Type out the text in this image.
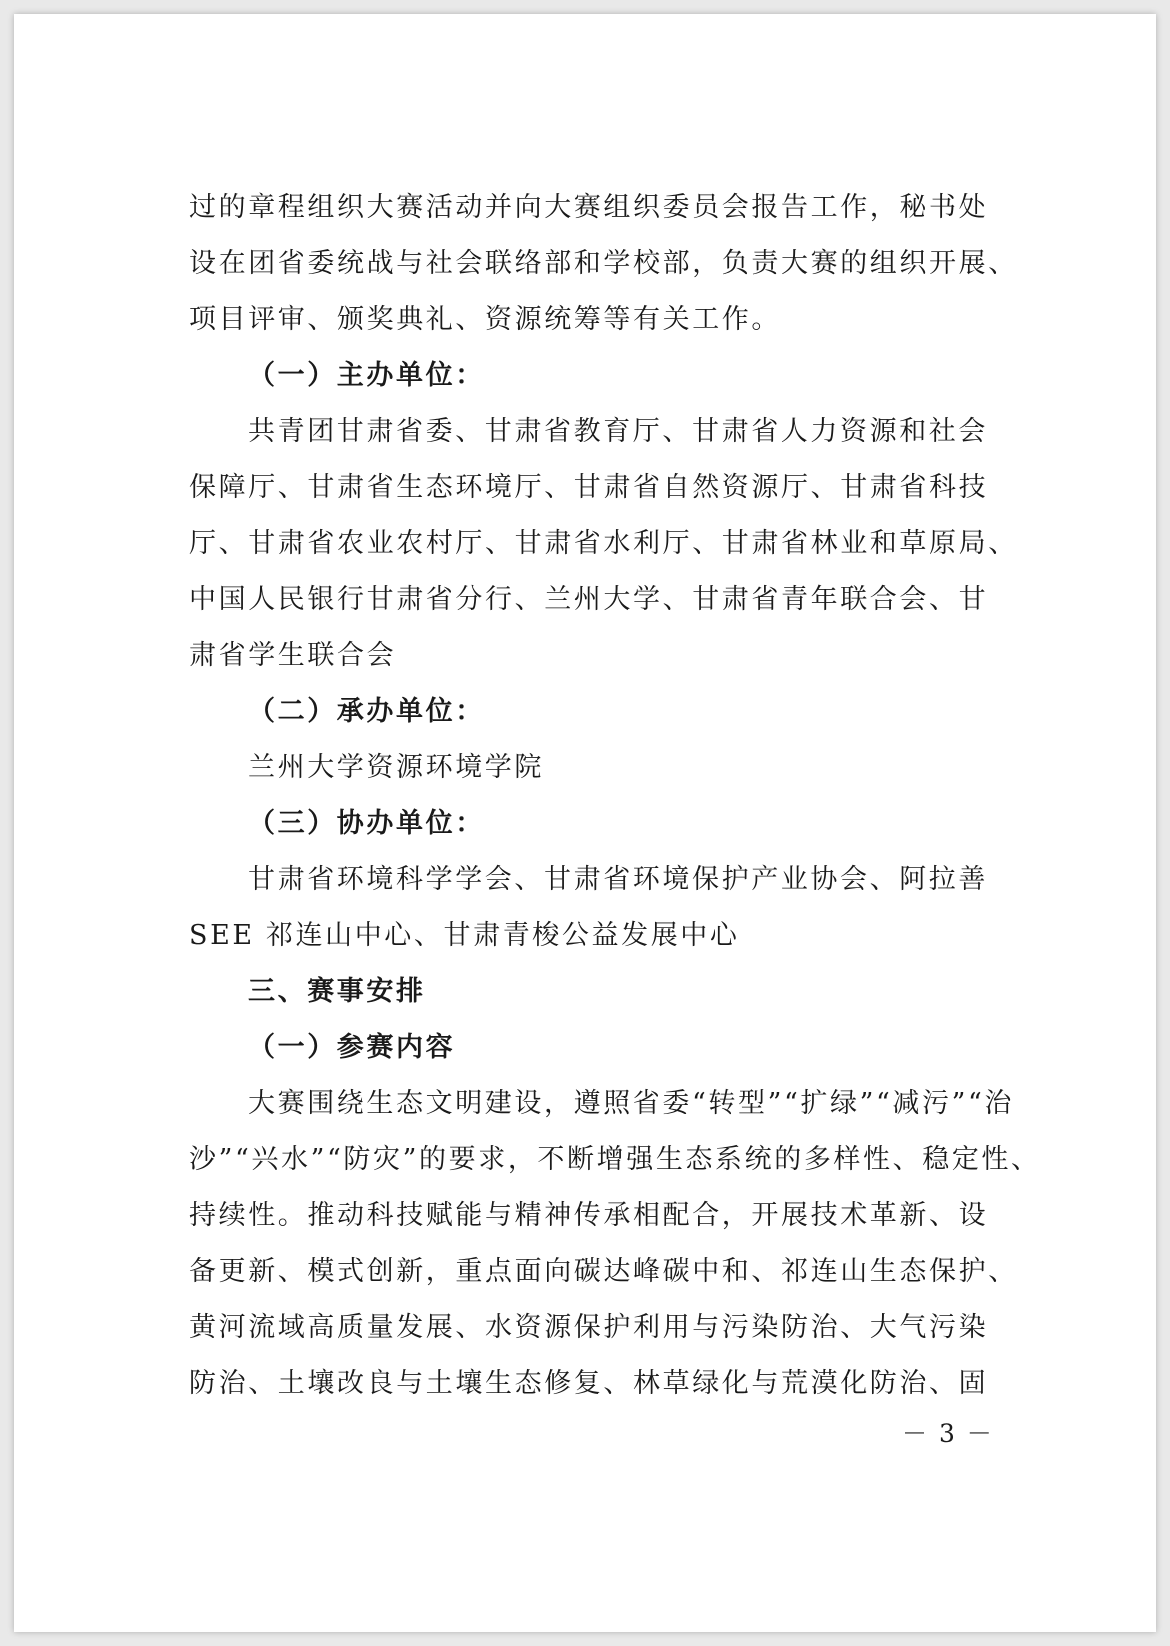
过的章程组织大赛活动并向大赛组织委员会报告工作，秘书处
设在团省委统战与社会联络部和学校部，负责大赛的组织开展、
项目评审、颁奖典礼、资源统筹等有关工作。
（一）主办单位：
共青团甘肃省委、甘肃省教育厅、甘肃省人力资源和社会
保障厅、甘肃省生态环境厅、甘肃省自然资源厅、甘肃省科技
厅、甘肃省农业农村厅、甘肃省水利厅、甘肃省林业和草原局、
中国人民银行甘肃省分行、兰州大学、甘肃省青年联合会、甘
肃省学生联合会
（二）承办单位：
兰州大学资源环境学院
（三）协办单位：
甘肃省环境科学学会、甘肃省环境保护产业协会、阿拉善
SEE 祁连山中心、甘肃青梭公益发展中心
三、赛事安排
（一）参赛内容
大赛围绕生态文明建设，遵照省委“转型”“扩绿”“减污”“治
沙”“兴水”“防灾”的要求，不断增强生态系统的多样性、稳定性、
持续性。推动科技赋能与精神传承相配合，开展技术革新、设
备更新、模式创新，重点面向碳达峰碳中和、祁连山生态保护、
黄河流域高质量发展、水资源保护利用与污染防治、大气污染
防治、土壤改良与土壤生态修复、林草绿化与荒漠化防治、固
－ 3 －
